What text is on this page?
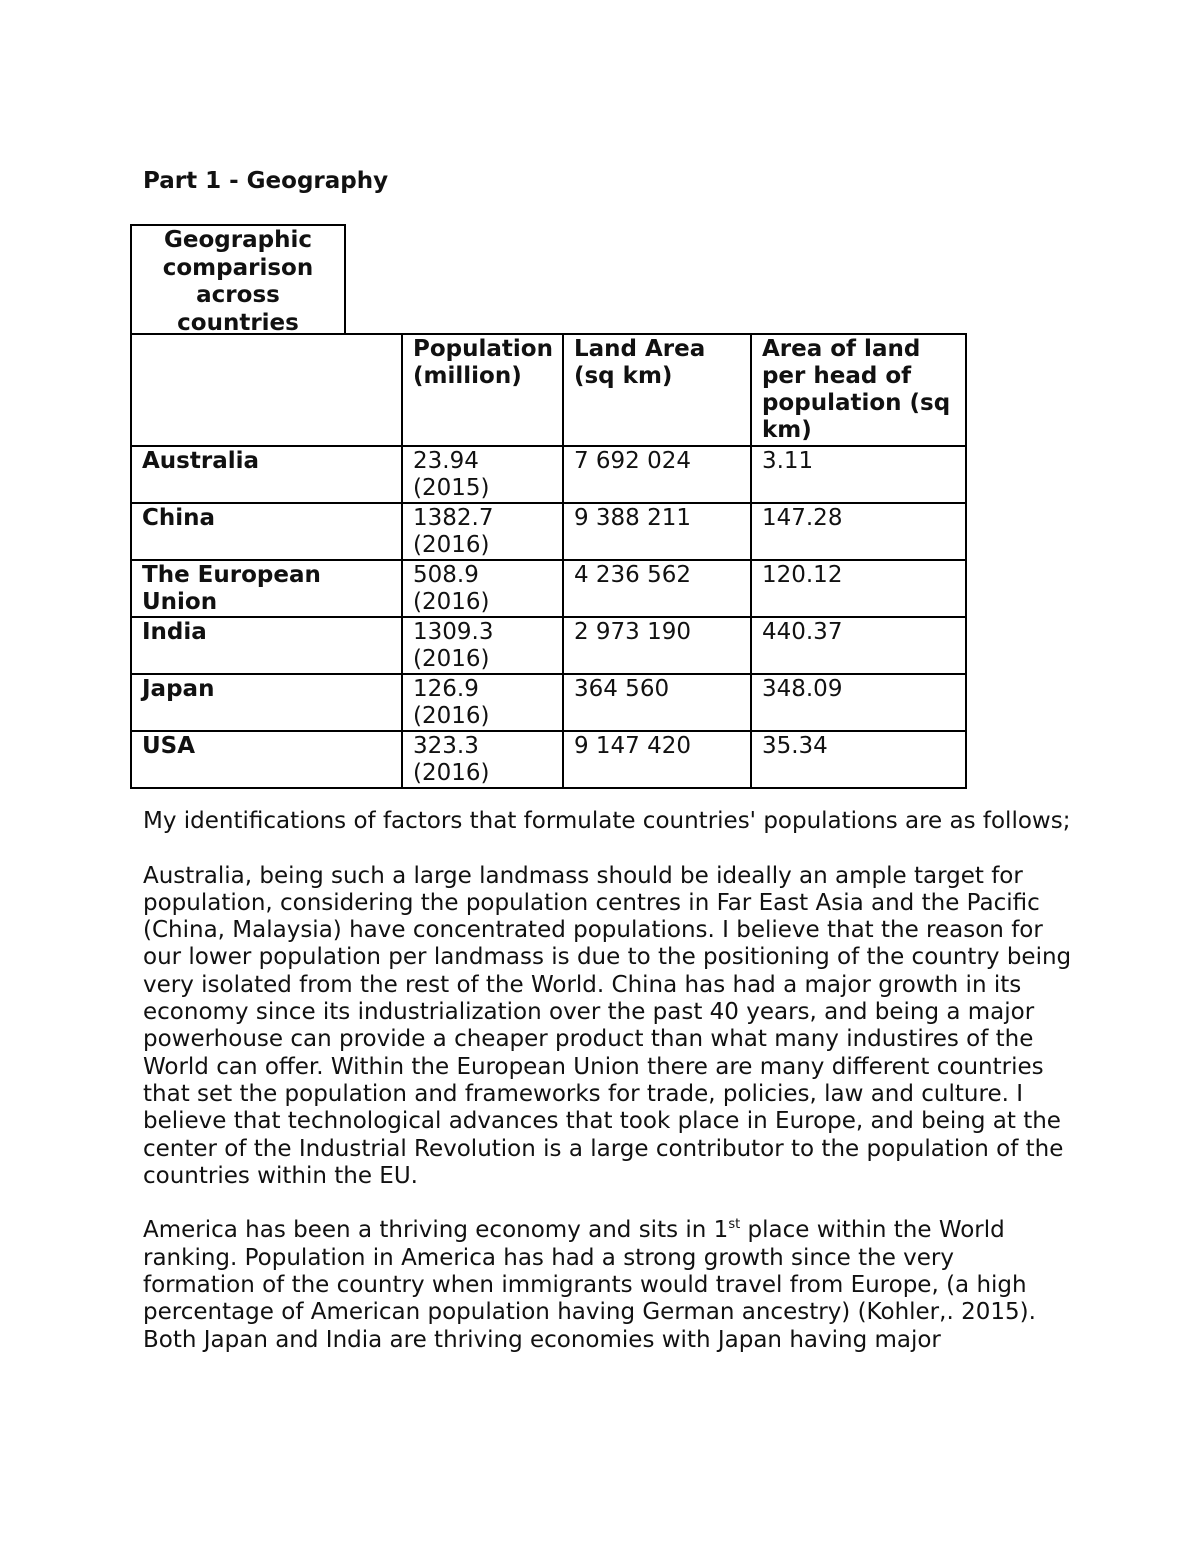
Part 1 - Geography
Geographic comparison across countries
	Population (million)	Land Area (sq km)	Area of land per head of population (sq km)
Australia	23.94 (2015)	7 692 024	3.11
China	1382.7 (2016)	9 388 211	147.28
The European Union	508.9 (2016)	4 236 562	120.12
India	1309.3 (2016)	2 973 190	440.37
Japan	126.9 (2016)	364 560	348.09
USA	323.3 (2016)	9 147 420	35.34

My identifications of factors that formulate countries' populations are as follows;

Australia, being such a large landmass should be ideally an ample target for population, considering the population centres in Far East Asia and the Pacific (China, Malaysia) have concentrated populations. I believe that the reason for our lower population per landmass is due to the positioning of the country being very isolated from the rest of the World. China has had a major growth in its economy since its industrialization over the past 40 years, and being a major powerhouse can provide a cheaper product than what many industires of the World can offer. Within the European Union there are many different countries that set the population and frameworks for trade, policies, law and culture. I believe that technological advances that took place in Europe, and being at the center of the Industrial Revolution is a large contributor to the population of the countries within the EU.

America has been a thriving economy and sits in 1st place within the World ranking. Population in America has had a strong growth since the very formation of the country when immigrants would travel from Europe, (a high percentage of American population having German ancestry) (Kohler,. 2015). Both Japan and India are thriving economies with Japan having major
